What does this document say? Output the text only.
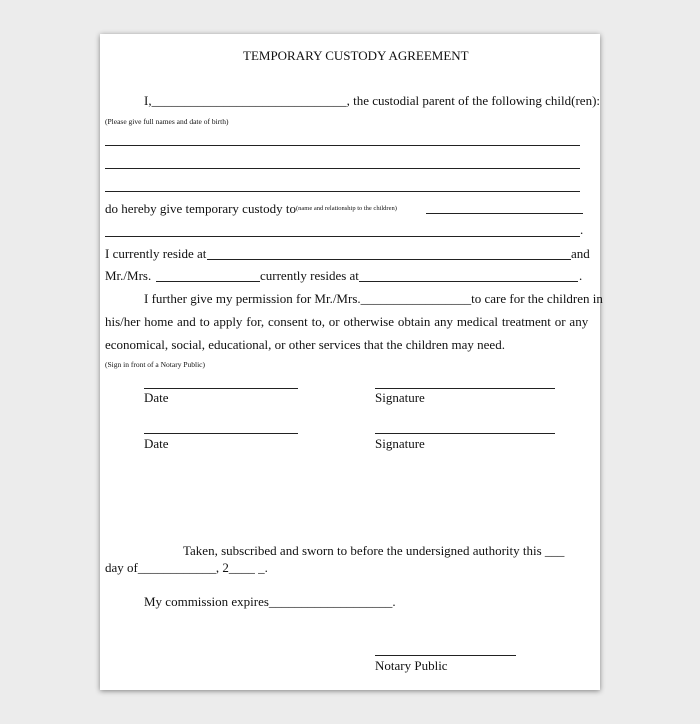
TEMPORARY CUSTODY AGREEMENT
I,______________________________, the custodial parent of the following child(ren):
(Please give full names and date of birth)
do hereby give temporary custody to (name and relationship to the children)
.
I currently reside at	and
Mr./Mrs.	currently resides at	.
I further give my permission for Mr./Mrs._________________to care for the children in
his/her home and to apply for, consent to, or otherwise obtain any medical treatment or any
economical, social, educational, or other services that the children may need.
(Sign in front of a Notary Public)
Date	Signature
Date	Signature
Taken, subscribed and sworn to before the undersigned authority this ___
day of____________, 2____ _.
My commission expires___________________.
Notary Public
